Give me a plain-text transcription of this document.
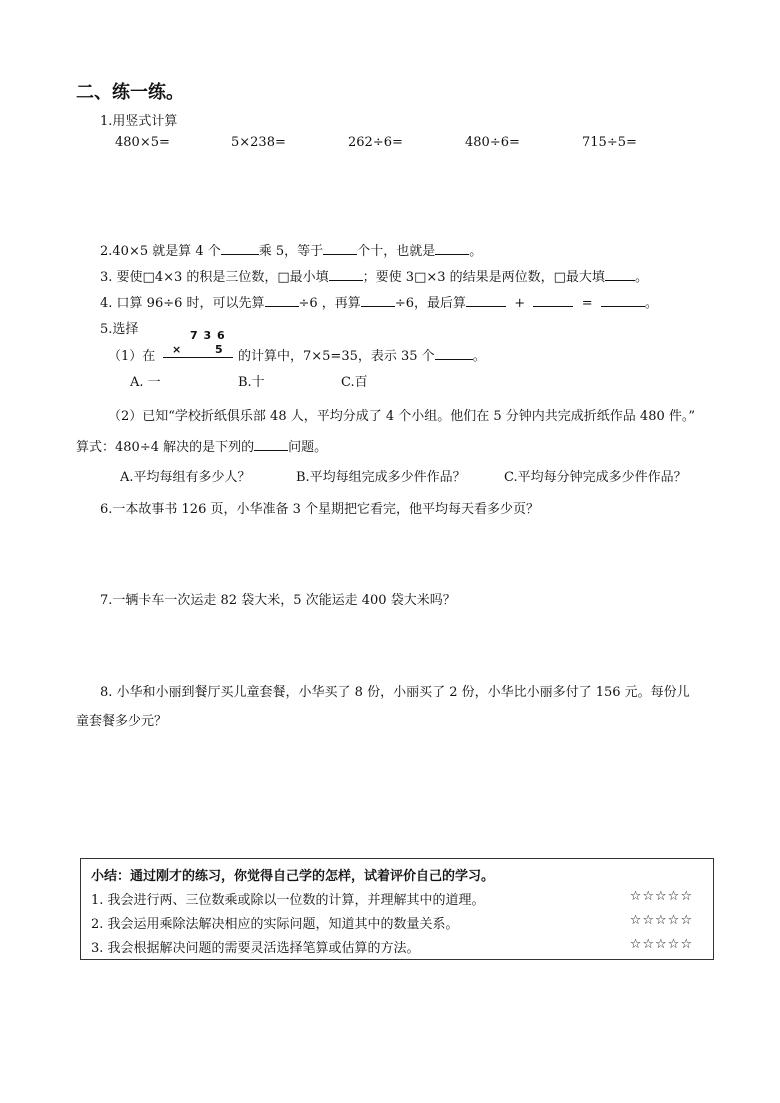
二、练一练。
1.用竖式计算
480×5=	5×238=	262÷6=	480÷6=	715÷5=
2.40×5 就是算 4 个	乘 5，等于	个十，也就是	。
3. 要使□4×3 的积是三位数，□最小填	；要使 3□×3 的结果是两位数，□最大填 。
4. 口算 96÷6 时，可以先算	÷6 ，再算	÷6，最后算	+	=	。
5.选择
（1）在
7 3 6
×	5 的计算中，7×5=35，表示 35 个	。
A. 一	B.十	C.百
（2）已知“学校折纸俱乐部 48 人，平均分成了 4 个小组。他们在 5 分钟内共完成折纸作品 480 件。”
算式：480÷4 解决的是下列的	问题。
A.平均每组有多少人？	B.平均每组完成多少件作品？	C.平均每分钟完成多少件作品？
6.一本故事书 126 页，小华准备 3 个星期把它看完，他平均每天看多少页？
7.一辆卡车一次运走 82 袋大米，5 次能运走 400 袋大米吗？
8. 小华和小丽到餐厅买儿童套餐，小华买了 8 份，小丽买了 2 份，小华比小丽多付了 156 元。每份儿
童套餐多少元？
小结：通过刚才的练习，你觉得自己学的怎样，试着评价自己的学习。
1. 我会进行两、三位数乘或除以一位数的计算，并理解其中的道理。	☆☆☆☆☆
2. 我会运用乘除法解决相应的实际问题，知道其中的数量关系。	☆☆☆☆☆
3. 我会根据解决问题的需要灵活选择笔算或估算的方法。	☆☆☆☆☆
